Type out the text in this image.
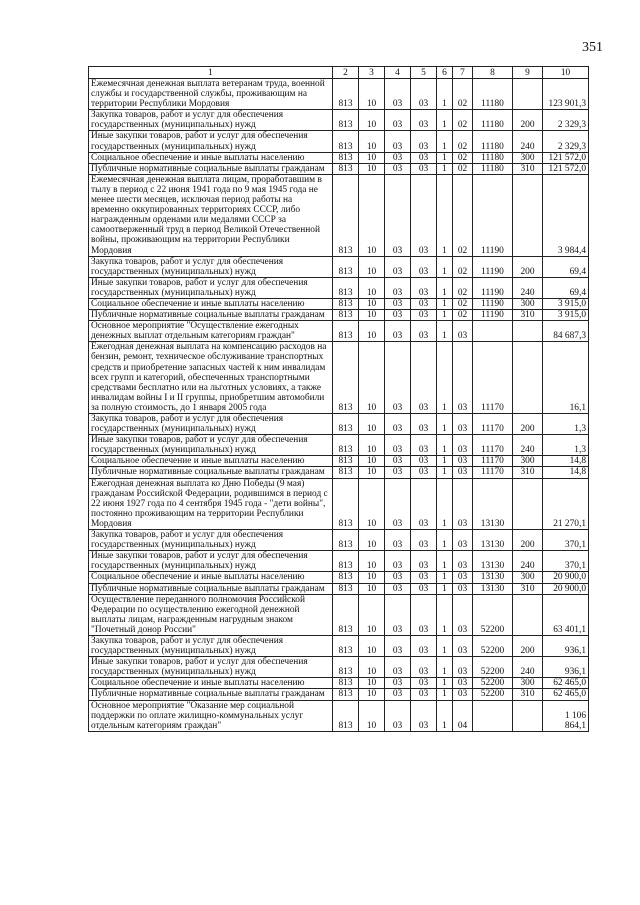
351
1	2	3	4	5	6	7	8	9	10
Ежемесячная денежная выплата ветеранам труда, военной службы и государственной службы, проживающим на территории Республики Мордовия	813	10	03	03	1	02	11180		123 901,3
Закупка товаров, работ и услуг для обеспечения государственных (муниципальных) нужд	813	10	03	03	1	02	11180	200	2 329,3
Иные закупки товаров, работ и услуг для обеспечения государственных (муниципальных) нужд	813	10	03	03	1	02	11180	240	2 329,3
Социальное обеспечение и иные выплаты населению	813	10	03	03	1	02	11180	300	121 572,0
Публичные нормативные социальные выплаты гражданам	813	10	03	03	1	02	11180	310	121 572,0
Ежемесячная денежная выплата лицам, проработавшим в тылу в период с 22 июня 1941 года по 9 мая 1945 года не менее шести месяцев, исключая период работы на временно оккупированных территориях СССР, либо награжденным орденами или медалями СССР за самоотверженный труд в период Великой Отечественной войны, проживающим на территории Республики Мордовия	813	10	03	03	1	02	11190		3 984,4
Закупка товаров, работ и услуг для обеспечения государственных (муниципальных) нужд	813	10	03	03	1	02	11190	200	69,4
Иные закупки товаров, работ и услуг для обеспечения государственных (муниципальных) нужд	813	10	03	03	1	02	11190	240	69,4
Социальное обеспечение и иные выплаты населению	813	10	03	03	1	02	11190	300	3 915,0
Публичные нормативные социальные выплаты гражданам	813	10	03	03	1	02	11190	310	3 915,0
Основное мероприятие "Осуществление ежегодных денежных выплат отдельным категориям граждан"	813	10	03	03	1	03			84 687,3
Ежегодная денежная выплата на компенсацию расходов на бензин, ремонт, техническое обслуживание транспортных средств и приобретение запасных частей к ним инвалидам всех групп и категорий, обеспеченных транспортными средствами бесплатно или на льготных условиях, а также инвалидам войны I и II группы, приобретшим автомобили за полную стоимость, до 1 января 2005 года	813	10	03	03	1	03	11170		16,1
Закупка товаров, работ и услуг для обеспечения государственных (муниципальных) нужд	813	10	03	03	1	03	11170	200	1,3
Иные закупки товаров, работ и услуг для обеспечения государственных (муниципальных) нужд	813	10	03	03	1	03	11170	240	1,3
Социальное обеспечение и иные выплаты населению	813	10	03	03	1	03	11170	300	14,8
Публичные нормативные социальные выплаты гражданам	813	10	03	03	1	03	11170	310	14,8
Ежегодная денежная выплата ко Дню Победы (9 мая) гражданам Российской Федерации, родившимся в период с 22 июня 1927 года по 4 сентября 1945 года - "дети войны", постоянно проживающим на территории Республики Мордовия	813	10	03	03	1	03	13130		21 270,1
Закупка товаров, работ и услуг для обеспечения государственных (муниципальных) нужд	813	10	03	03	1	03	13130	200	370,1
Иные закупки товаров, работ и услуг для обеспечения государственных (муниципальных) нужд	813	10	03	03	1	03	13130	240	370,1
Социальное обеспечение и иные выплаты населению	813	10	03	03	1	03	13130	300	20 900,0
Публичные нормативные социальные выплаты гражданам	813	10	03	03	1	03	13130	310	20 900,0
Осуществление переданного полномочия Российской Федерации по осуществлению ежегодной денежной выплаты лицам, награжденным нагрудным знаком "Почетный донор России"	813	10	03	03	1	03	52200		63 401,1
Закупка товаров, работ и услуг для обеспечения государственных (муниципальных) нужд	813	10	03	03	1	03	52200	200	936,1
Иные закупки товаров, работ и услуг для обеспечения государственных (муниципальных) нужд	813	10	03	03	1	03	52200	240	936,1
Социальное обеспечение и иные выплаты населению	813	10	03	03	1	03	52200	300	62 465,0
Публичные нормативные социальные выплаты гражданам	813	10	03	03	1	03	52200	310	62 465,0
Основное мероприятие "Оказание мер социальной поддержки по оплате жилищно-коммунальных услуг отдельным категориям граждан"	813	10	03	03	1	04			1 106 864,1
